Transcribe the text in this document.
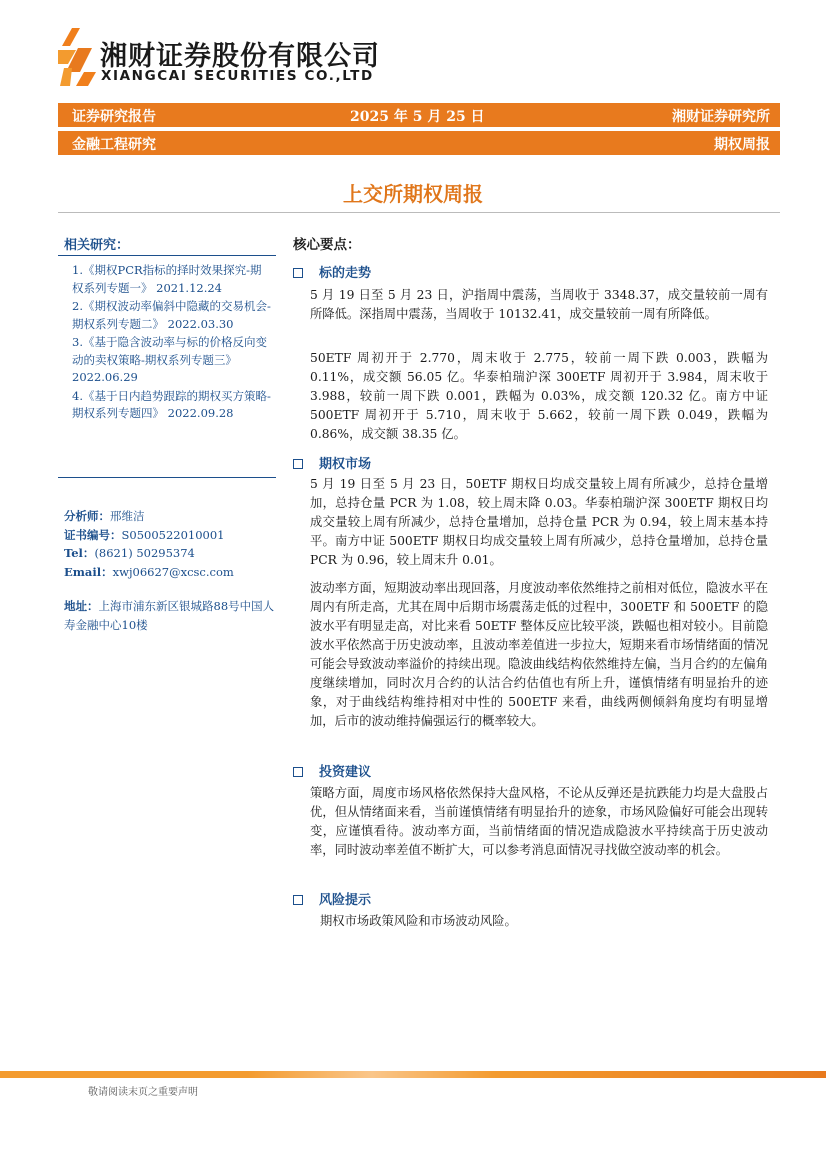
湘财证券股份有限公司
XIANGCAI SECURITIES CO.,LTD
证券研究报告	2025 年 5 月 25 日	湘财证券研究所
金融工程研究	期权周报
上交所期权周报
相关研究：
1.《期权PCR指标的择时效果探究-期权系列专题一》 2021.12.24
2.《期权波动率偏斜中隐藏的交易机会-期权系列专题二》 2022.03.30
3.《基于隐含波动率与标的价格反向变动的卖权策略-期权系列专题三》 2022.06.29
4.《基于日内趋势跟踪的期权买方策略-期权系列专题四》 2022.09.28
分析师：邢维洁
证书编号：S0500522010001
Tel：(8621) 50295374
Email：xwj06627@xcsc.com
地址：上海市浦东新区银城路88号中国人寿金融中心10楼
核心要点：
标的走势
5 月 19 日至 5 月 23 日，沪指周中震荡，当周收于 3348.37，成交量较前一周有所降低。深指周中震荡，当周收于 10132.41，成交量较前一周有所降低。
50ETF 周初开于 2.770，周末收于 2.775，较前一周下跌 0.003，跌幅为 0.11%，成交额 56.05 亿。华泰柏瑞沪深 300ETF 周初开于 3.984，周末收于 3.988，较前一周下跌 0.001，跌幅为 0.03%，成交额 120.32 亿。南方中证 500ETF 周初开于 5.710，周末收于 5.662，较前一周下跌 0.049，跌幅为 0.86%，成交额 38.35 亿。
期权市场
5 月 19 日至 5 月 23 日，50ETF 期权日均成交量较上周有所减少，总持仓量增加，总持仓量 PCR 为 1.08，较上周末降 0.03。华泰柏瑞沪深 300ETF 期权日均成交量较上周有所减少，总持仓量增加，总持仓量 PCR 为 0.94，较上周末基本持平。南方中证 500ETF 期权日均成交量较上周有所减少，总持仓量增加，总持仓量 PCR 为 0.96，较上周末升 0.01。
波动率方面，短期波动率出现回落，月度波动率依然维持之前相对低位，隐波水平在周内有所走高，尤其在周中后期市场震荡走低的过程中，300ETF 和 500ETF 的隐波水平有明显走高，对比来看 50ETF 整体反应比较平淡，跌幅也相对较小。目前隐波水平依然高于历史波动率，且波动率差值进一步拉大，短期来看市场情绪面的情况可能会导致波动率溢价的持续出现。隐波曲线结构依然维持左偏，当月合约的左偏角度继续增加，同时次月合约的认沽合约估值也有所上升，谨慎情绪有明显抬升的迹象，对于曲线结构维持相对中性的 500ETF 来看，曲线两侧倾斜角度均有明显增加，后市的波动维持偏强运行的概率较大。
投资建议
策略方面，周度市场风格依然保持大盘风格，不论从反弹还是抗跌能力均是大盘股占优，但从情绪面来看，当前谨慎情绪有明显抬升的迹象，市场风险偏好可能会出现转变，应谨慎看待。波动率方面，当前情绪面的情况造成隐波水平持续高于历史波动率，同时波动率差值不断扩大，可以参考消息面情况寻找做空波动率的机会。
风险提示
期权市场政策风险和市场波动风险。
敬请阅读末页之重要声明
